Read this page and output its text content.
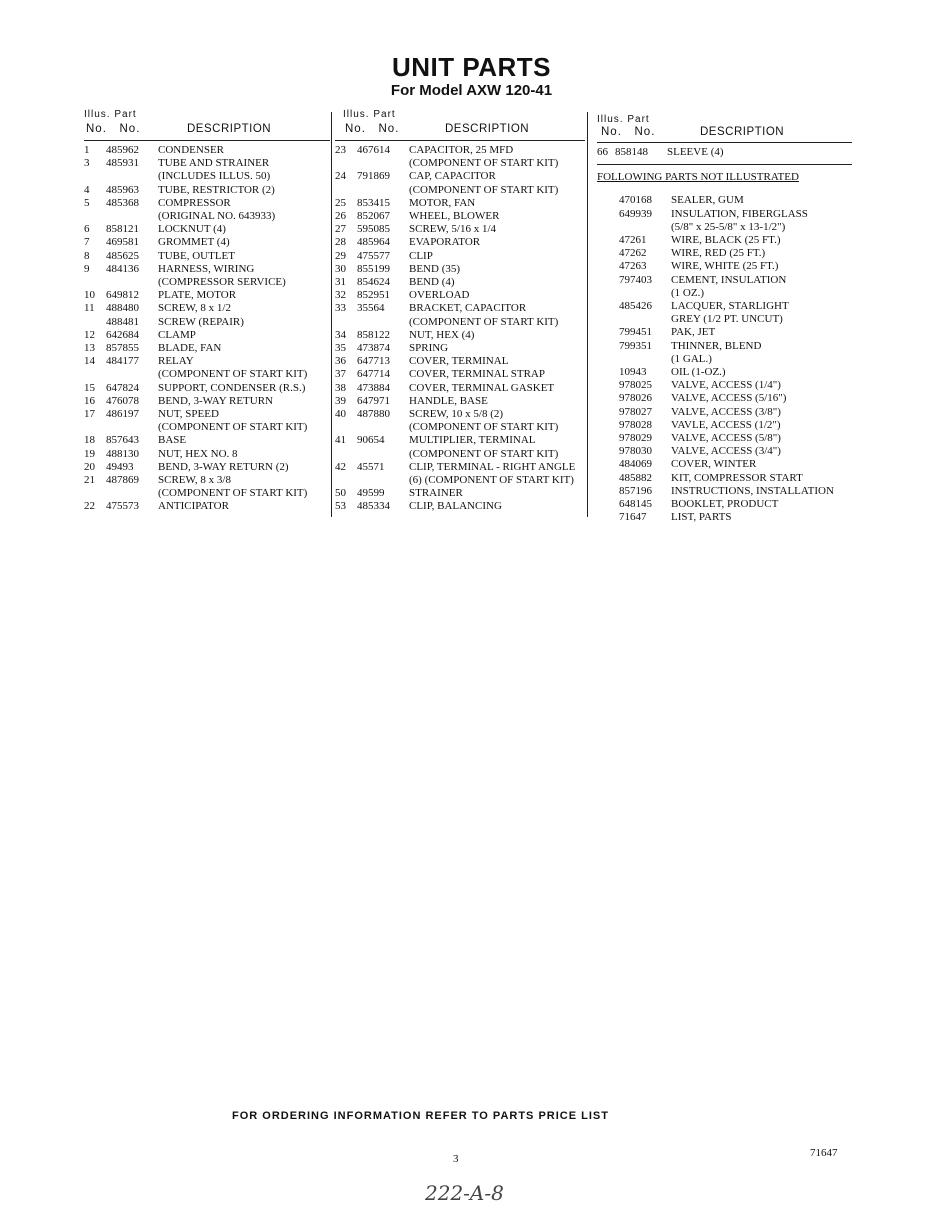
UNIT PARTS
For Model AXW 120-41
Illus. Part
No. No.	DESCRIPTION
1	485962	CONDENSER
3	485931	TUBE AND STRAINER
(INCLUDES ILLUS. 50)
4	485963	TUBE, RESTRICTOR (2)
5	485368	COMPRESSOR
(ORIGINAL NO. 643933)
6	858121	LOCKNUT (4)
7	469581	GROMMET (4)
8	485625	TUBE, OUTLET
9	484136	HARNESS, WIRING
(COMPRESSOR SERVICE)
10	649812	PLATE, MOTOR
11	488480	SCREW, 8 x 1/2
488481	SCREW (REPAIR)
12	642684	CLAMP
13	857855	BLADE, FAN
14	484177	RELAY
(COMPONENT OF START KIT)
15	647824	SUPPORT, CONDENSER (R.S.)
16	476078	BEND, 3-WAY RETURN
17	486197	NUT, SPEED
(COMPONENT OF START KIT)
18	857643	BASE
19	488130	NUT, HEX NO. 8
20	49493	BEND, 3-WAY RETURN (2)
21	487869	SCREW, 8 x 3/8
(COMPONENT OF START KIT)
22	475573	ANTICIPATOR
Illus. Part
No. No.	DESCRIPTION
23	467614	CAPACITOR, 25 MFD
(COMPONENT OF START KIT)
24	791869	CAP, CAPACITOR
(COMPONENT OF START KIT)
25	853415	MOTOR, FAN
26	852067	WHEEL, BLOWER
27	595085	SCREW, 5/16 x 1/4
28	485964	EVAPORATOR
29	475577	CLIP
30	855199	BEND (35)
31	854624	BEND (4)
32	852951	OVERLOAD
33	35564	BRACKET, CAPACITOR
(COMPONENT OF START KIT)
34	858122	NUT, HEX (4)
35	473874	SPRING
36	647713	COVER, TERMINAL
37	647714	COVER, TERMINAL STRAP
38	473884	COVER, TERMINAL GASKET
39	647971	HANDLE, BASE
40	487880	SCREW, 10 x 5/8 (2)
(COMPONENT OF START KIT)
41	90654	MULTIPLIER, TERMINAL
(COMPONENT OF START KIT)
42	45571	CLIP, TERMINAL - RIGHT ANGLE
(6) (COMPONENT OF START KIT)
50	49599	STRAINER
53	485334	CLIP, BALANCING
Illus. Part
No. No.	DESCRIPTION
66 858148	SLEEVE (4)
FOLLOWING PARTS NOT ILLUSTRATED
470168	SEALER, GUM
649939	INSULATION, FIBERGLASS
(5/8" x 25-5/8" x 13-1/2")
47261	WIRE, BLACK (25 FT.)
47262	WIRE, RED (25 FT.)
47263	WIRE, WHITE (25 FT.)
797403	CEMENT, INSULATION
(1 OZ.)
485426	LACQUER, STARLIGHT
GREY (1/2 PT. UNCUT)
799451	PAK, JET
799351	THINNER, BLEND
(1 GAL.)
10943	OIL (1-OZ.)
978025	VALVE, ACCESS (1/4")
978026	VALVE, ACCESS (5/16")
978027	VALVE, ACCESS (3/8")
978028	VAVLE, ACCESS (1/2")
978029	VALVE, ACCESS (5/8")
978030	VALVE, ACCESS (3/4")
484069	COVER, WINTER
485882	KIT, COMPRESSOR START
857196	INSTRUCTIONS, INSTALLATION
648145	BOOKLET, PRODUCT
71647	LIST, PARTS
FOR ORDERING INFORMATION REFER TO PARTS PRICE LIST
3	71647
222-A-8
